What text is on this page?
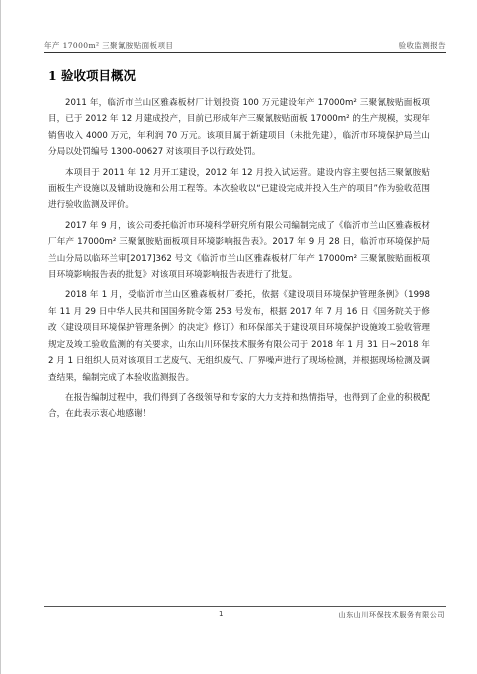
年产 17000m² 三聚氰胺贴面板项目	验收监测报告
1 验收项目概况

2011 年，临沂市兰山区雅森板材厂计划投资 100 万元建设年产 17000m² 三聚氰胺贴面板项目，已于 2012 年 12 月建成投产，目前已形成年产三聚氰胺贴面板 17000m² 的生产规模，实现年销售收入 4000 万元，年利润 70 万元。该项目属于新建项目（未批先建），临沂市环境保护局兰山分局以处罚编号 1300-00627 对该项目予以行政处罚。

本项目于 2011 年 12 月开工建设，2012 年 12 月投入试运营。建设内容主要包括三聚氰胺贴面板生产设施以及辅助设施和公用工程等。本次验收以“已建设完成并投入生产的项目”作为验收范围进行验收监测及评价。

2017 年 9 月，该公司委托临沂市环境科学研究所有限公司编制完成了《临沂市兰山区雅森板材厂年产 17000m² 三聚氰胺贴面板项目环境影响报告表》。2017 年 9 月 28 日，临沂市环境保护局兰山分局以临环兰审[2017]362 号文《临沂市兰山区雅森板材厂年产 17000m² 三聚氰胺贴面板项目环境影响报告表的批复》对该项目环境影响报告表进行了批复。

2018 年 1 月，受临沂市兰山区雅森板材厂委托，依据《建设项目环境保护管理条例》（1998 年 11 月 29 日中华人民共和国国务院令第 253 号发布，根据 2017 年 7 月 16 日《国务院关于修改〈建设项目环境保护管理条例〉的决定》修订）和环保部关于建设项目环境保护设施竣工验收管理规定及竣工验收监测的有关要求，山东山川环保技术服务有限公司于 2018 年 1 月 31 日~2018 年 2 月 1 日组织人员对该项目工艺废气、无组织废气、厂界噪声进行了现场检测，并根据现场检测及调查结果，编制完成了本验收监测报告。

在报告编制过程中，我们得到了各级领导和专家的大力支持和热情指导，也得到了企业的积极配合，在此表示衷心地感谢！

1	山东山川环保技术服务有限公司
